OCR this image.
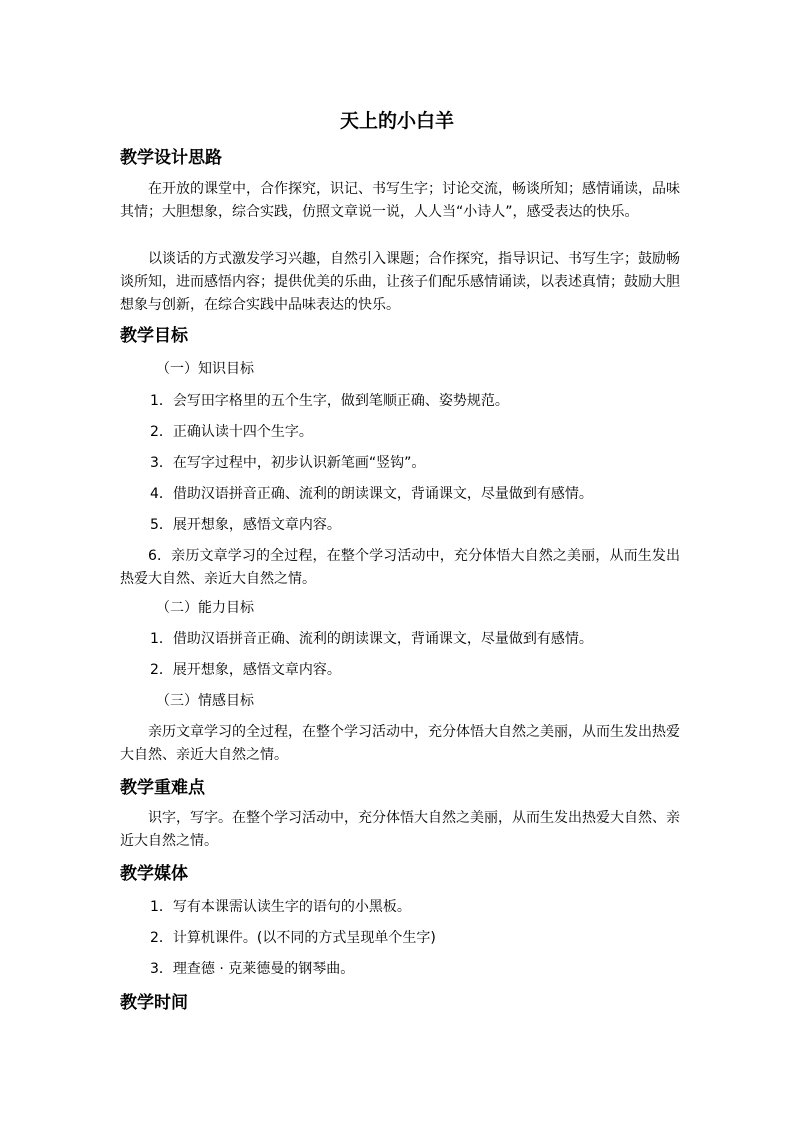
天上的小白羊
教学设计思路
在开放的课堂中，合作探究，识记、书写生字；讨论交流，畅谈所知；感情诵读，品味其情；大胆想象，综合实践，仿照文章说一说，人人当“小诗人”，感受表达的快乐。
以谈话的方式激发学习兴趣，自然引入课题；合作探究，指导识记、书写生字；鼓励畅谈所知，进而感悟内容；提供优美的乐曲，让孩子们配乐感情诵读，以表述真情；鼓励大胆想象与创新，在综合实践中品味表达的快乐。
教学目标
（一）知识目标
1．会写田字格里的五个生字，做到笔顺正确、姿势规范。
2．正确认读十四个生字。
3．在写字过程中，初步认识新笔画“竖钩”。
4．借助汉语拼音正确、流利的朗读课文，背诵课文，尽量做到有感情。
5．展开想象，感悟文章内容。
6．亲历文章学习的全过程，在整个学习活动中，充分体悟大自然之美丽，从而生发出热爱大自然、亲近大自然之情。
（二）能力目标
1．借助汉语拼音正确、流利的朗读课文，背诵课文，尽量做到有感情。
2．展开想象，感悟文章内容。
（三）情感目标
亲历文章学习的全过程，在整个学习活动中，充分体悟大自然之美丽，从而生发出热爱大自然、亲近大自然之情。
教学重难点
识字，写字。在整个学习活动中，充分体悟大自然之美丽，从而生发出热爱大自然、亲近大自然之情。
教学媒体
1．写有本课需认读生字的语句的小黑板。
2．计算机课件。(以不同的方式呈现单个生字)
3．理查德 · 克莱德曼的钢琴曲。
教学时间
